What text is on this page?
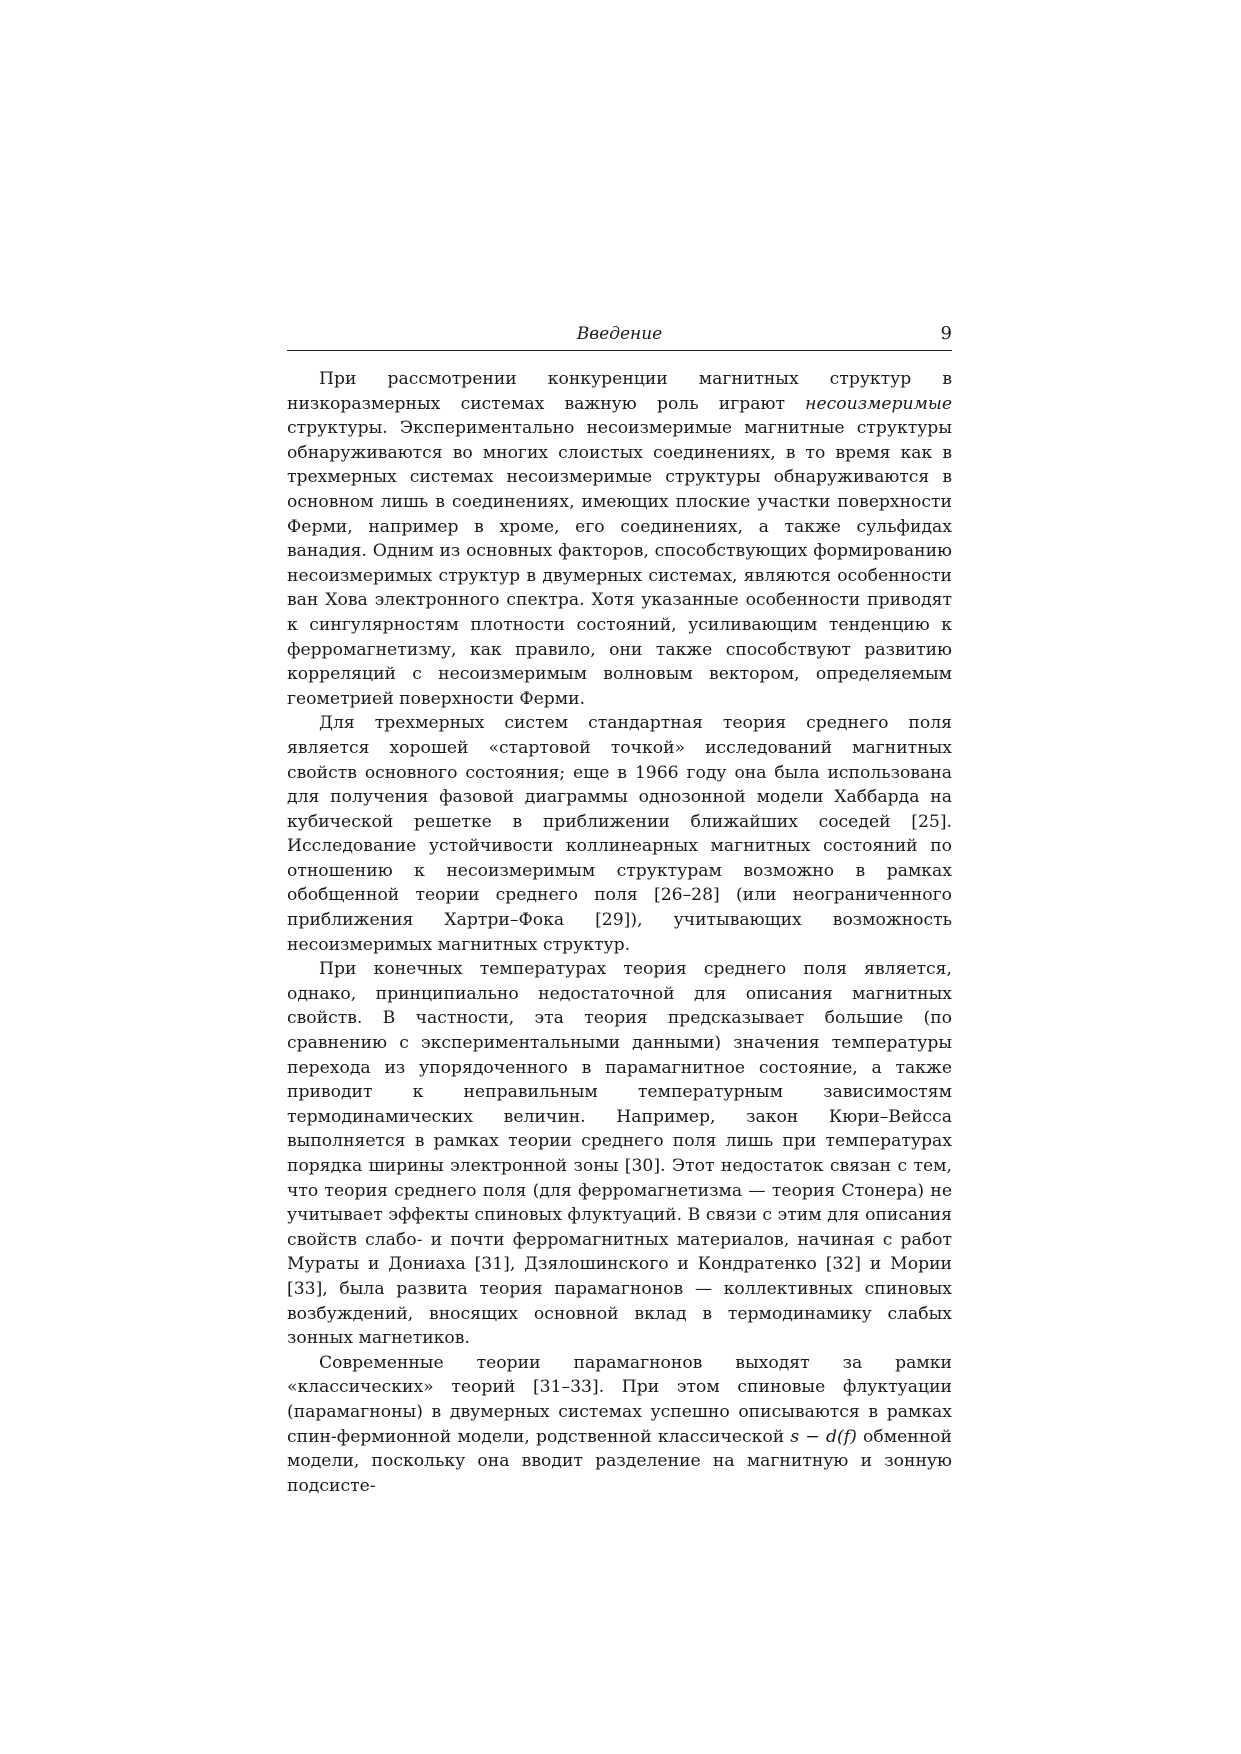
Введение	9

При рассмотрении конкуренции магнитных структур в низкоразмерных системах важную роль играют несоизмеримые структуры. Экспериментально несоизмеримые магнитные структуры обнаруживаются во многих слоистых соединениях, в то время как в трехмерных системах несоизмеримые структуры обнаруживаются в основном лишь в соединениях, имеющих плоские участки поверхности Ферми, например в хроме, его соединениях, а также сульфидах ванадия. Одним из основных факторов, способствующих формированию несоизмеримых структур в двумерных системах, являются особенности ван Хова электронного спектра. Хотя указанные особенности приводят к сингулярностям плотности состояний, усиливающим тенденцию к ферромагнетизму, как правило, они также способствуют развитию корреляций с несоизмеримым волновым вектором, определяемым геометрией поверхности Ферми.

Для трехмерных систем стандартная теория среднего поля является хорошей «стартовой точкой» исследований магнитных свойств основного состояния; еще в 1966 году она была использована для получения фазовой диаграммы однозонной модели Хаббарда на кубической решетке в приближении ближайших соседей [25]. Исследование устойчивости коллинеарных магнитных состояний по отношению к несоизмеримым структурам возможно в рамках обобщенной теории среднего поля [26–28] (или неограниченного приближения Хартри–Фока [29]), учитывающих возможность несоизмеримых магнитных структур.

При конечных температурах теория среднего поля является, однако, принципиально недостаточной для описания магнитных свойств. В частности, эта теория предсказывает большие (по сравнению с экспериментальными данными) значения температуры перехода из упорядоченного в парамагнитное состояние, а также приводит к неправильным температурным зависимостям термодинамических величин. Например, закон Кюри–Вейсса выполняется в рамках теории среднего поля лишь при температурах порядка ширины электронной зоны [30]. Этот недостаток связан с тем, что теория среднего поля (для ферромагнетизма — теория Стонера) не учитывает эффекты спиновых флуктуаций. В связи с этим для описания свойств слабо- и почти ферромагнитных материалов, начиная с работ Мураты и Дониаха [31], Дзялошинского и Кондратенко [32] и Мории [33], была развита теория парамагнонов — коллективных спиновых возбуждений, вносящих основной вклад в термодинамику слабых зонных магнетиков.

Современные теории парамагнонов выходят за рамки «классических» теорий [31–33]. При этом спиновые флуктуации (парамагноны) в двумерных системах успешно описываются в рамках спин-фермионной модели, родственной классической s − d(f) обменной модели, поскольку она вводит разделение на магнитную и зонную подсисте-
